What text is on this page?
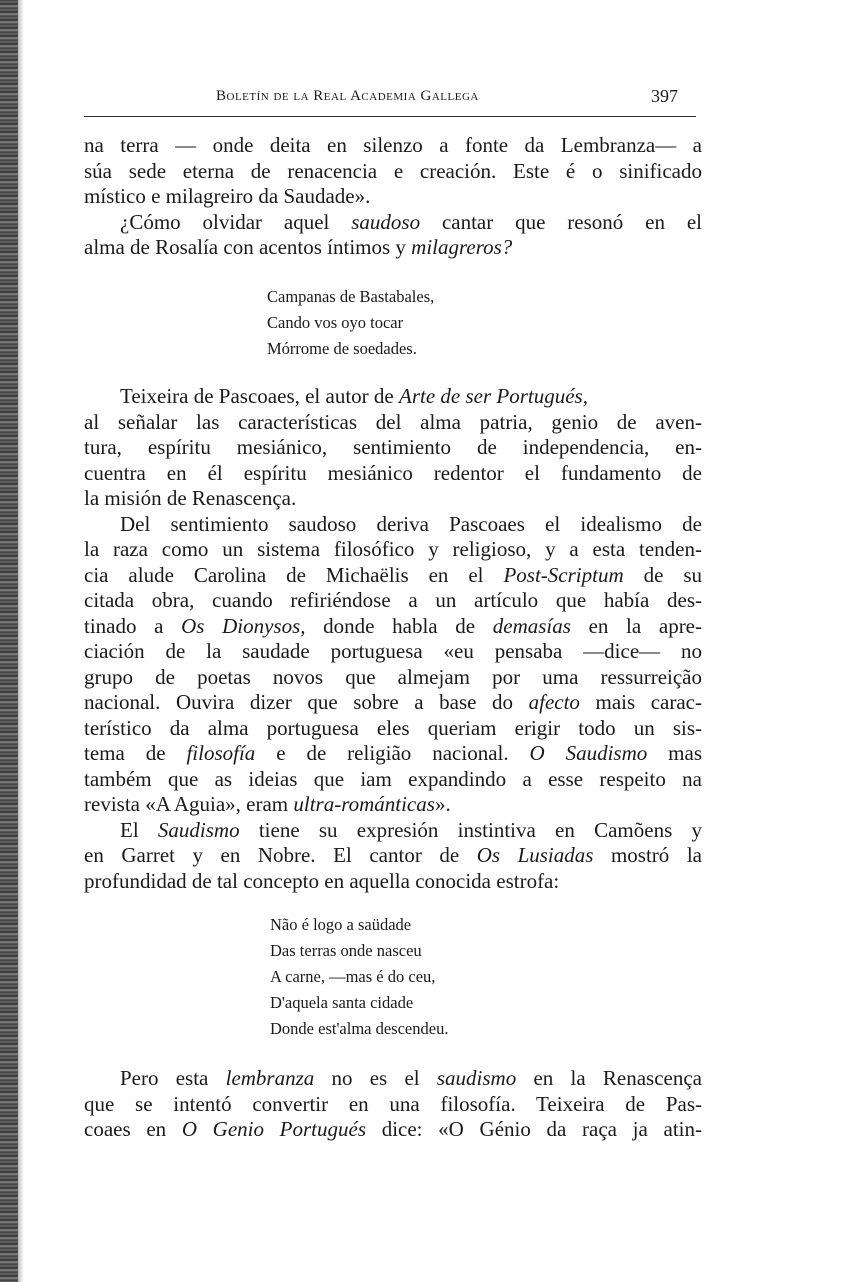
Boletín de la Real Academia Gallega	397
na terra — onde deita en silenzo a fonte da Lembranza— a
súa sede eterna de renacencia e creación. Este é o sinificado
místico e milagreiro da Saudade».
¿Cómo olvidar aquel saudoso cantar que resonó en el
alma de Rosalía con acentos íntimos y milagreros?
Campanas de Bastabales,
Cando vos oyo tocar
Mórrome de soedades.
Teixeira de Pascoaes, el autor de Arte de ser Portugués,
al señalar las características del alma patria, genio de aven-
tura, espíritu mesiánico, sentimiento de independencia, en-
cuentra en él espíritu mesiánico redentor el fundamento de
la misión de Renascença.
Del sentimiento saudoso deriva Pascoaes el idealismo de
la raza como un sistema filosófico y religioso, y a esta tenden-
cia alude Carolina de Michaëlis en el Post-Scriptum de su
citada obra, cuando refiriéndose a un artículo que había des-
tinado a Os Dionysos, donde habla de demasías en la apre-
ciación de la saudade portuguesa «eu pensaba —dice— no
grupo de poetas novos que almejam por uma ressurreição
nacional. Ouvira dizer que sobre a base do afecto mais carac-
terístico da alma portuguesa eles queriam erigir todo un sis-
tema de filosofía e de religião nacional. O Saudismo mas
também que as ideias que iam expandindo a esse respeito na
revista «A Aguia», eram ultra-románticas».
El Saudismo tiene su expresión instintiva en Camõens y
en Garret y en Nobre. El cantor de Os Lusiadas mostró la
profundidad de tal concepto en aquella conocida estrofa:
Não é logo a saüdade
Das terras onde nasceu
A carne, —mas é do ceu,
D'aquela santa cidade
Donde est'alma descendeu.
Pero esta lembranza no es el saudismo en la Renascença
que se intentó convertir en una filosofía. Teixeira de Pas-
coaes en O Genio Portugués dice: «O Génio da raça ja atin-
